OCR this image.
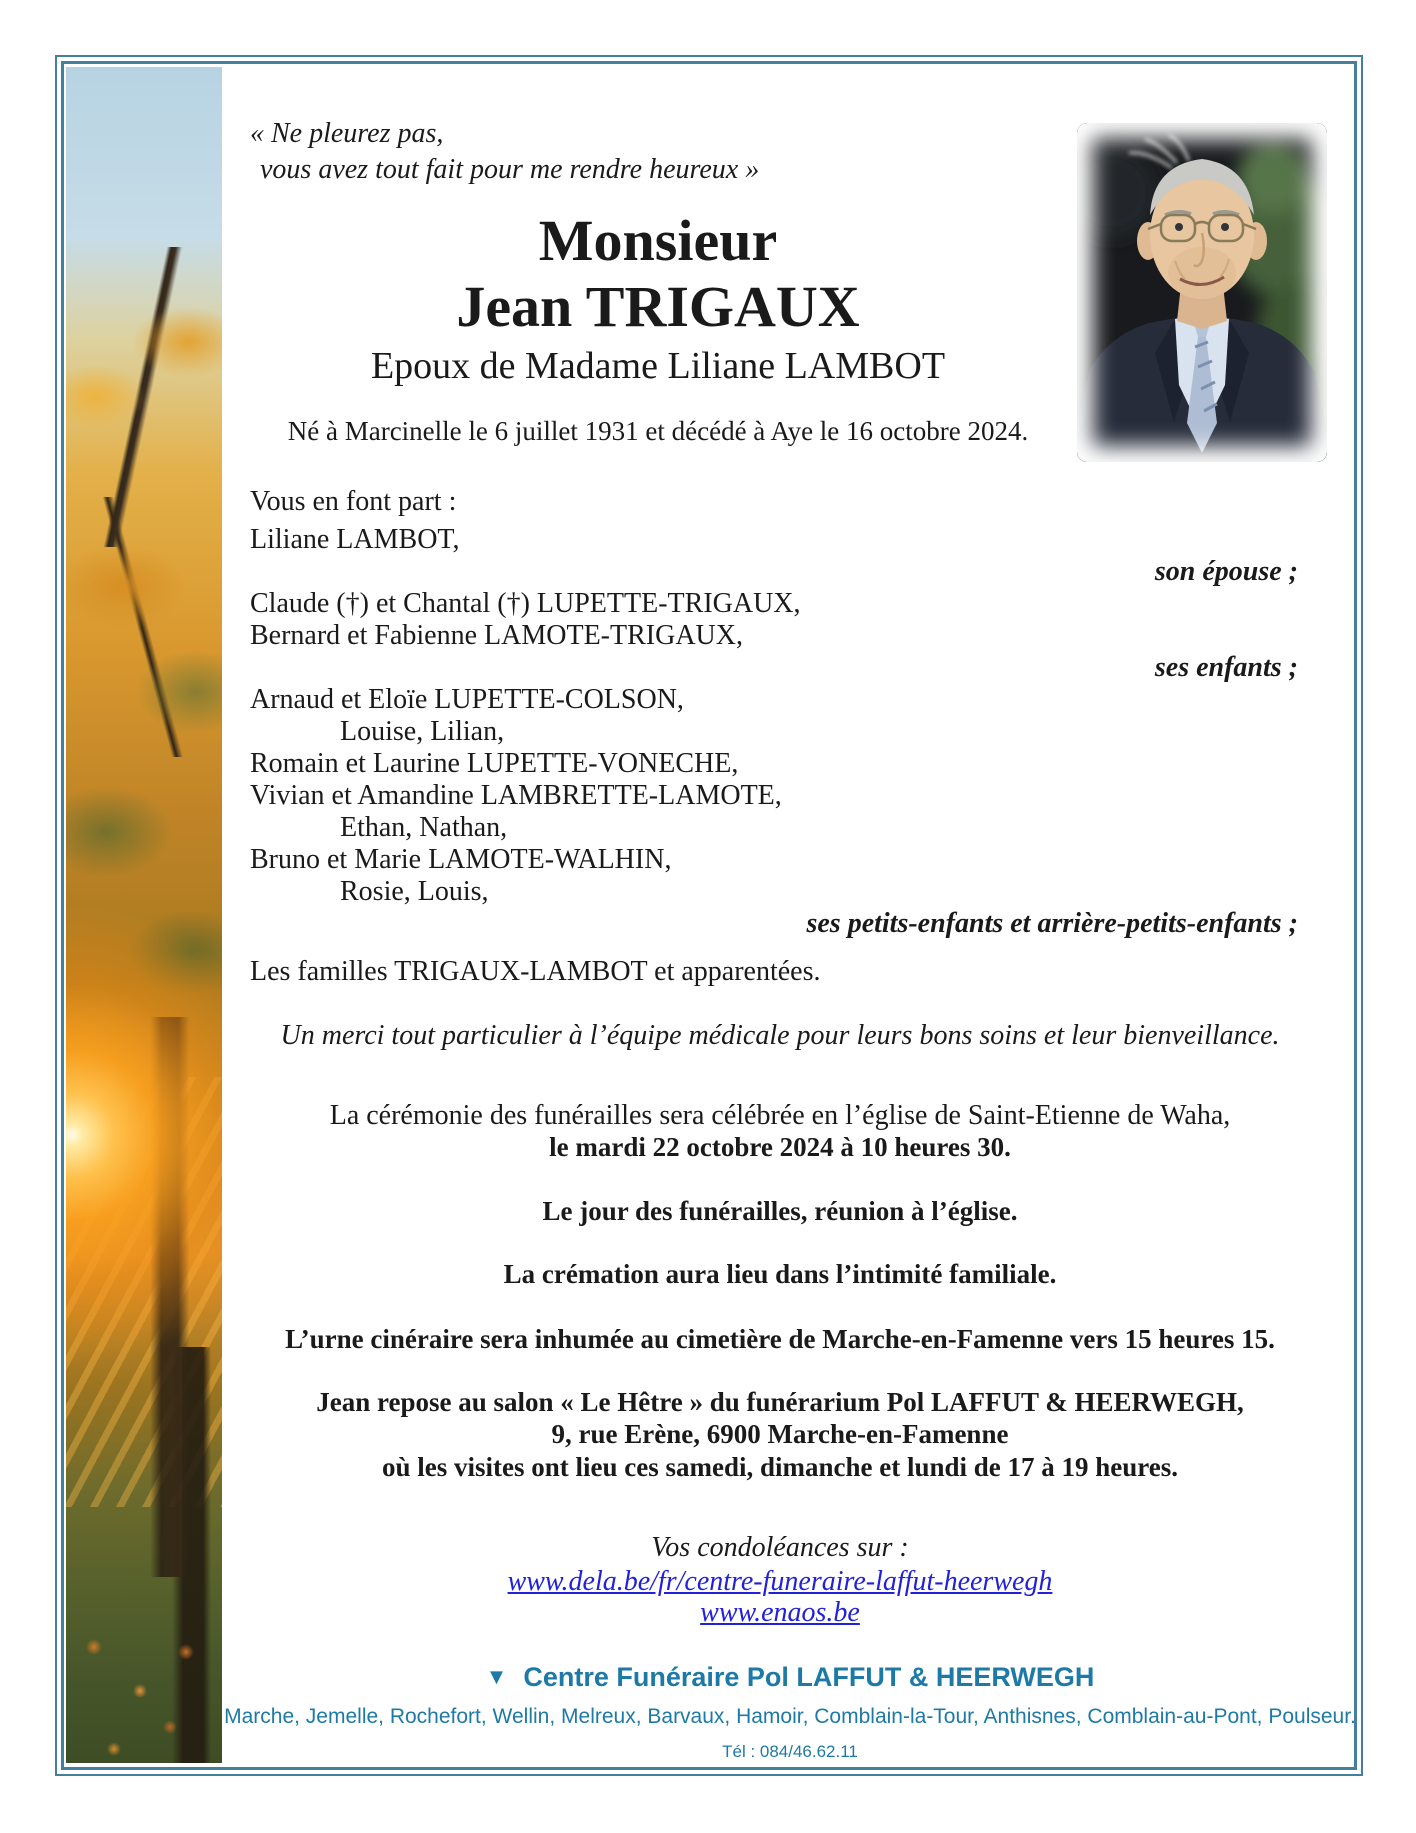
« Ne pleurez pas,
vous avez tout fait pour me rendre heureux »
Monsieur
Jean TRIGAUX
Epoux de Madame Liliane LAMBOT
Né à Marcinelle le 6 juillet 1931 et décédé à Aye le 16 octobre 2024.
Vous en font part :
Liliane LAMBOT,
son épouse ;
Claude (†) et Chantal (†) LUPETTE-TRIGAUX,
Bernard et Fabienne LAMOTE-TRIGAUX,
ses enfants ;
Arnaud et Eloïe LUPETTE-COLSON,
Louise, Lilian,
Romain et Laurine LUPETTE-VONECHE,
Vivian et Amandine LAMBRETTE-LAMOTE,
Ethan, Nathan,
Bruno et Marie LAMOTE-WALHIN,
Rosie, Louis,
ses petits-enfants et arrière-petits-enfants ;
Les familles TRIGAUX-LAMBOT et apparentées.
Un merci tout particulier à l’équipe médicale pour leurs bons soins et leur bienveillance.
La cérémonie des funérailles sera célébrée en l’église de Saint-Etienne de Waha,
le mardi 22 octobre 2024 à 10 heures 30.
Le jour des funérailles, réunion à l’église.
La crémation aura lieu dans l’intimité familiale.
L’urne cinéraire sera inhumée au cimetière de Marche-en-Famenne vers 15 heures 15.
Jean repose au salon « Le Hêtre » du funérarium Pol LAFFUT & HEERWEGH,
9, rue Erène, 6900 Marche-en-Famenne
où les visites ont lieu ces samedi, dimanche et lundi de 17 à 19 heures.
Vos condoléances sur :
www.dela.be/fr/centre-funeraire-laffut-heerwegh
www.enaos.be
▼ Centre Funéraire Pol LAFFUT & HEERWEGH
Marche, Jemelle, Rochefort, Wellin, Melreux, Barvaux, Hamoir, Comblain-la-Tour, Anthisnes, Comblain-au-Pont, Poulseur.
Tél : 084/46.62.11
